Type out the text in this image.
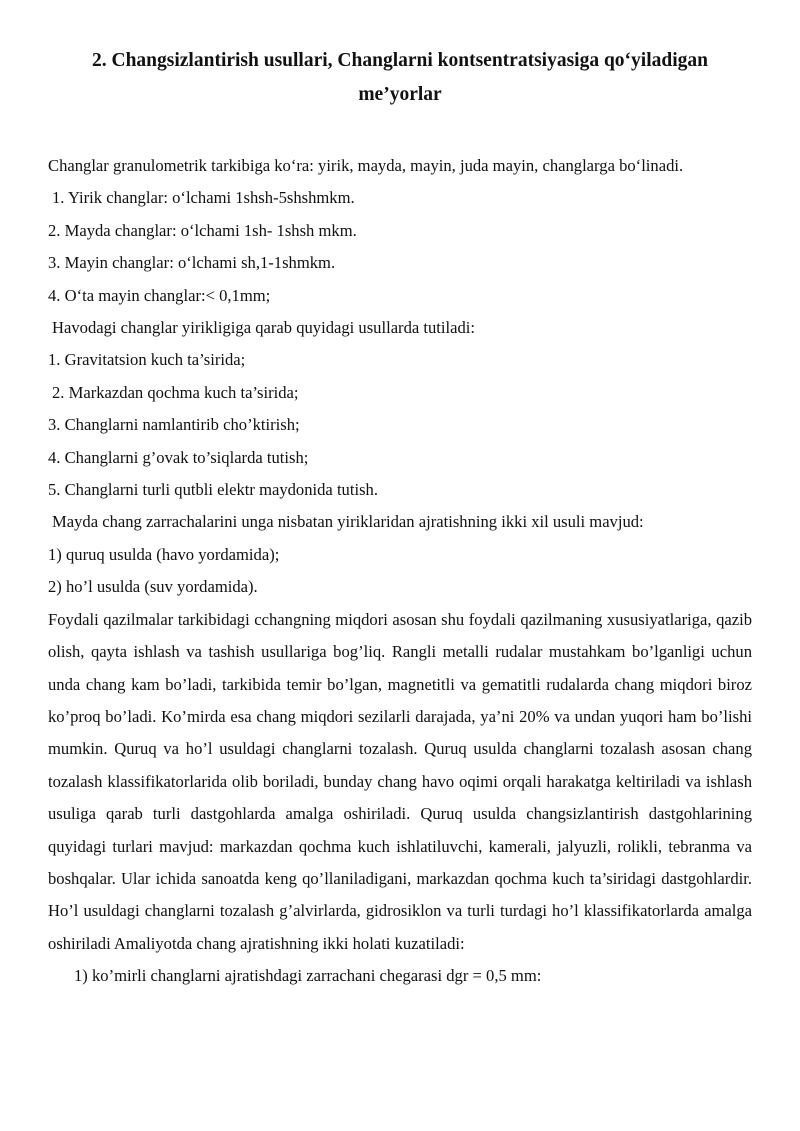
2. Changsizlantirish usullari, Changlarni kontsentratsiyasiga qo‘yiladigan me’yorlar

Changlar granulometrik tarkibiga ko‘ra: yirik, mayda, mayin, juda mayin, changlarga bo‘linadi.

1. Yirik changlar: o‘lchami 1shsh-5shshmkm.

2. Mayda changlar: o‘lchami 1sh- 1shsh mkm.

3. Mayin changlar: o‘lchami sh,1-1shmkm.

4. O‘ta mayin changlar:< 0,1mm;

Havodagi changlar yirikligiga qarab quyidagi usullarda tutiladi:

1. Gravitatsion kuch ta’sirida;

2. Markazdan qochma kuch ta’sirida;

3. Changlarni namlantirib cho’ktirish;

4. Changlarni g’ovak to’siqlarda tutish;

5. Changlarni turli qutbli elektr maydonida tutish.

Mayda chang zarrachalarini unga nisbatan yiriklaridan ajratishning ikki xil usuli mavjud:

1) quruq usulda (havo yordamida);

2) ho’l usulda (suv yordamida).

Foydali qazilmalar tarkibidagi cchangning miqdori asosan shu foydali qazilmaning xususiyatlariga, qazib olish, qayta ishlash va tashish usullariga bog’liq. Rangli metalli rudalar mustahkam bo’lganligi uchun unda chang kam bo’ladi, tarkibida temir bo’lgan, magnetitli va gematitli rudalarda chang miqdori biroz ko’proq bo’ladi. Ko’mirda esa chang miqdori sezilarli darajada, ya’ni 20% va undan yuqori ham bo’lishi mumkin. Quruq va ho’l usuldagi changlarni tozalash. Quruq usulda changlarni tozalash asosan chang tozalash klassifikatorlarida olib boriladi, bunday chang havo oqimi orqali harakatga keltiriladi va ishlash usuliga qarab turli dastgohlarda amalga oshiriladi. Quruq usulda changsizlantirish dastgohlarining quyidagi turlari mavjud: markazdan qochma kuch ishlatiluvchi, kamerali, jalyuzli, rolikli, tebranma va boshqalar. Ular ichida sanoatda keng qo’llaniladigani, markazdan qochma kuch ta’siridagi dastgohlardir. Ho’l usuldagi changlarni tozalash g’alvirlarda, gidrosiklon va turli turdagi ho’l klassifikatorlarda amalga oshiriladi Amaliyotda chang ajratishning ikki holati kuzatiladi:

1) ko’mirli changlarni ajratishdagi zarrachani chegarasi dgr = 0,5 mm:
